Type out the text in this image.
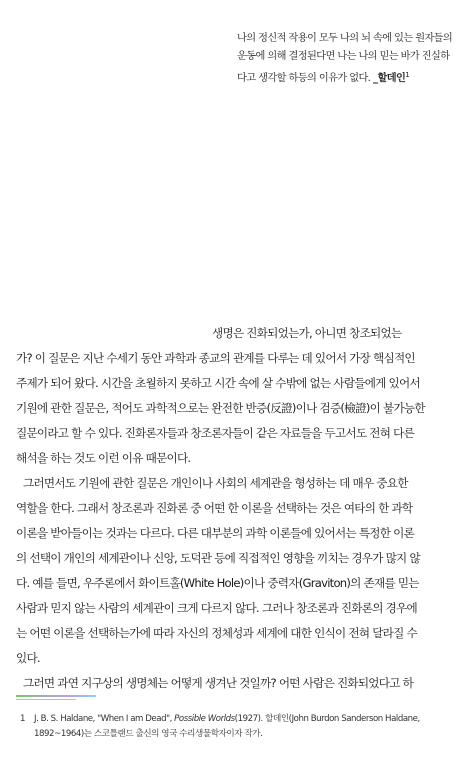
나의 정신적 작용이 모두 나의 뇌 속에 있는 원자들의
운동에 의해 결정된다면 나는 나의 믿는 바가 진실하
다고 생각할 하등의 이유가 없다. _할데인$^1$
생명은 진화되었는가, 아니면 창조되었는
가? 이 질문은 지난 수세기 동안 과학과 종교의 관계를 다루는 데 있어서 가장 핵심적인
주제가 되어 왔다. 시간을 초월하지 못하고 시간 속에 살 수밖에 없는 사람들에게 있어서
기원에 관한 질문은, 적어도 과학적으로는 완전한 반증(反證)이나 검증(檢證)이 불가능한
질문이라고 할 수 있다. 진화론자들과 창조론자들이 같은 자료들을 두고서도 전혀 다른
해석을 하는 것도 이런 이유 때문이다.
그러면서도 기원에 관한 질문은 개인이나 사회의 세계관을 형성하는 데 매우 중요한
역할을 한다. 그래서 창조론과 진화론 중 어떤 한 이론을 선택하는 것은 여타의 한 과학
이론을 받아들이는 것과는 다르다. 다른 대부분의 과학 이론들에 있어서는 특정한 이론
의 선택이 개인의 세계관이나 신앙, 도덕관 등에 직접적인 영향을 끼치는 경우가 많지 않
다. 예를 들면, 우주론에서 화이트홀(White Hole)이나 중력자(Graviton)의 존재를 믿는
사람과 믿지 않는 사람의 세계관이 크게 다르지 않다. 그러나 창조론과 진화론의 경우에
는 어떤 이론을 선택하는가에 따라 자신의 정체성과 세계에 대한 인식이 전혀 달라질 수
있다.
그러면 과연 지구상의 생명체는 어떻게 생겨난 것일까? 어떤 사람은 진화되었다고 하
1 J. B. S. Haldane, "When I am Dead", Possible Worlds(1927). 할데인(John Burdon Sanderson Haldane,
1892~1964)는 스코틀랜드 출신의 영국 수리생물학자이자 작가.
